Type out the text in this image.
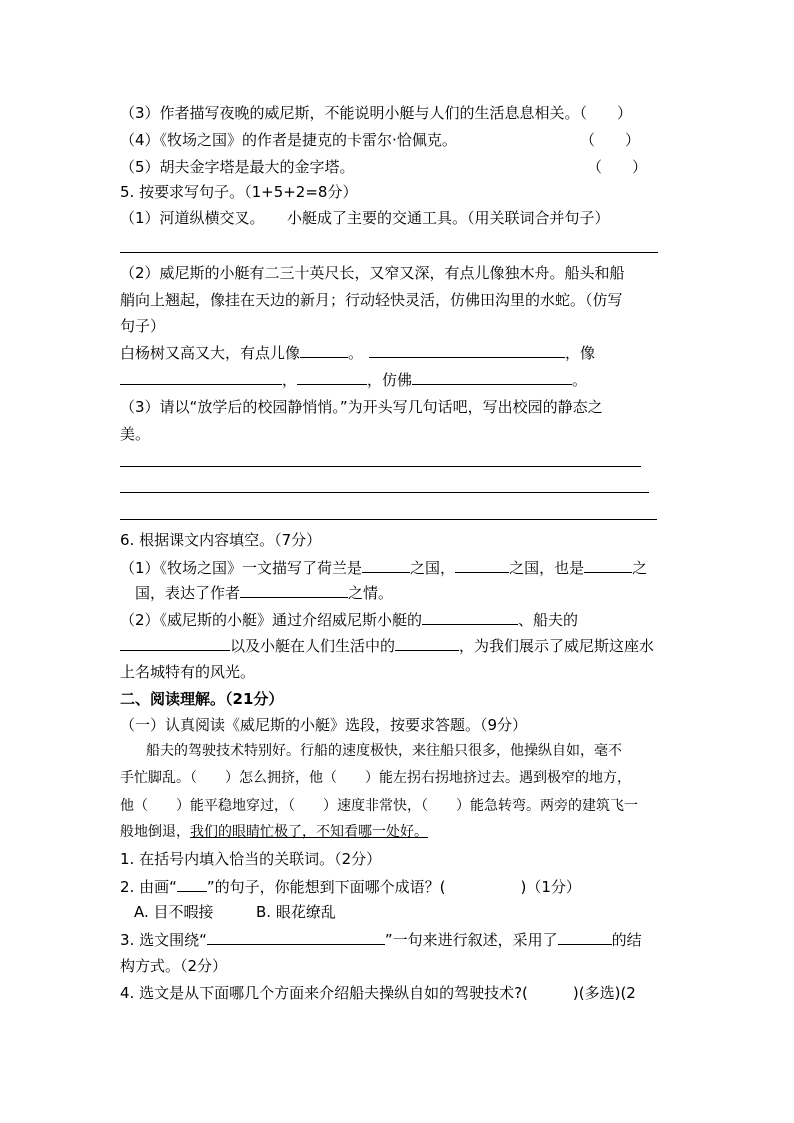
（3）作者描写夜晚的威尼斯，不能说明小艇与人们的生活息息相关。（　　）
（4）《牧场之国》的作者是捷克的卡雷尔·恰佩克。	（　　）
（5）胡夫金字塔是最大的金字塔。	（　　）
5. 按要求写句子。（1+5+2=8分）
（1）河道纵横交叉。　　小艇成了主要的交通工具。（用关联词合并句子）
（2）威尼斯的小艇有二三十英尺长，又窄又深，有点儿像独木舟。船头和船
艄向上翘起，像挂在天边的新月；行动轻快灵活，仿佛田沟里的水蛇。（仿写
句子）
白杨树又高又大，有点儿像	。	，像
，	，仿佛	。
（3）请以“放学后的校园静悄悄。”为开头写几句话吧，写出校园的静态之
美。
6. 根据课文内容填空。（7分）
（1）《牧场之国》一文描写了荷兰是	之国，	之国，也是	之
国，表达了作者	之情。
（2）《威尼斯的小艇》通过介绍威尼斯小艇的	、船夫的
以及小艇在人们生活中的	，为我们展示了威尼斯这座水
上名城特有的风光。
二、阅读理解。（21分）
（一）认真阅读《威尼斯的小艇》选段，按要求答题。（9分）
船夫的驾驶技术特别好。行船的速度极快，来往船只很多，他操纵自如，毫不
手忙脚乱。（　　）怎么拥挤，他（　　）能左拐右拐地挤过去。遇到极窄的地方，
他（　　）能平稳地穿过，（　　）速度非常快，（　　）能急转弯。两旁的建筑飞一
般地倒退，我们的眼睛忙极了，不知看哪一处好。
1. 在括号内填入恰当的关联词。（2分）
2. 由画“ ”的句子，你能想到下面哪个成语？(　　　　　)（1分）
A. 目不暇接	B. 眼花缭乱
3. 选文围绕“	”一句来进行叙述，采用了	的结
构方式。（2分）
4. 选文是从下面哪几个方面来介绍船夫操纵自如的驾驶技术?(　　　)(多选)(2
